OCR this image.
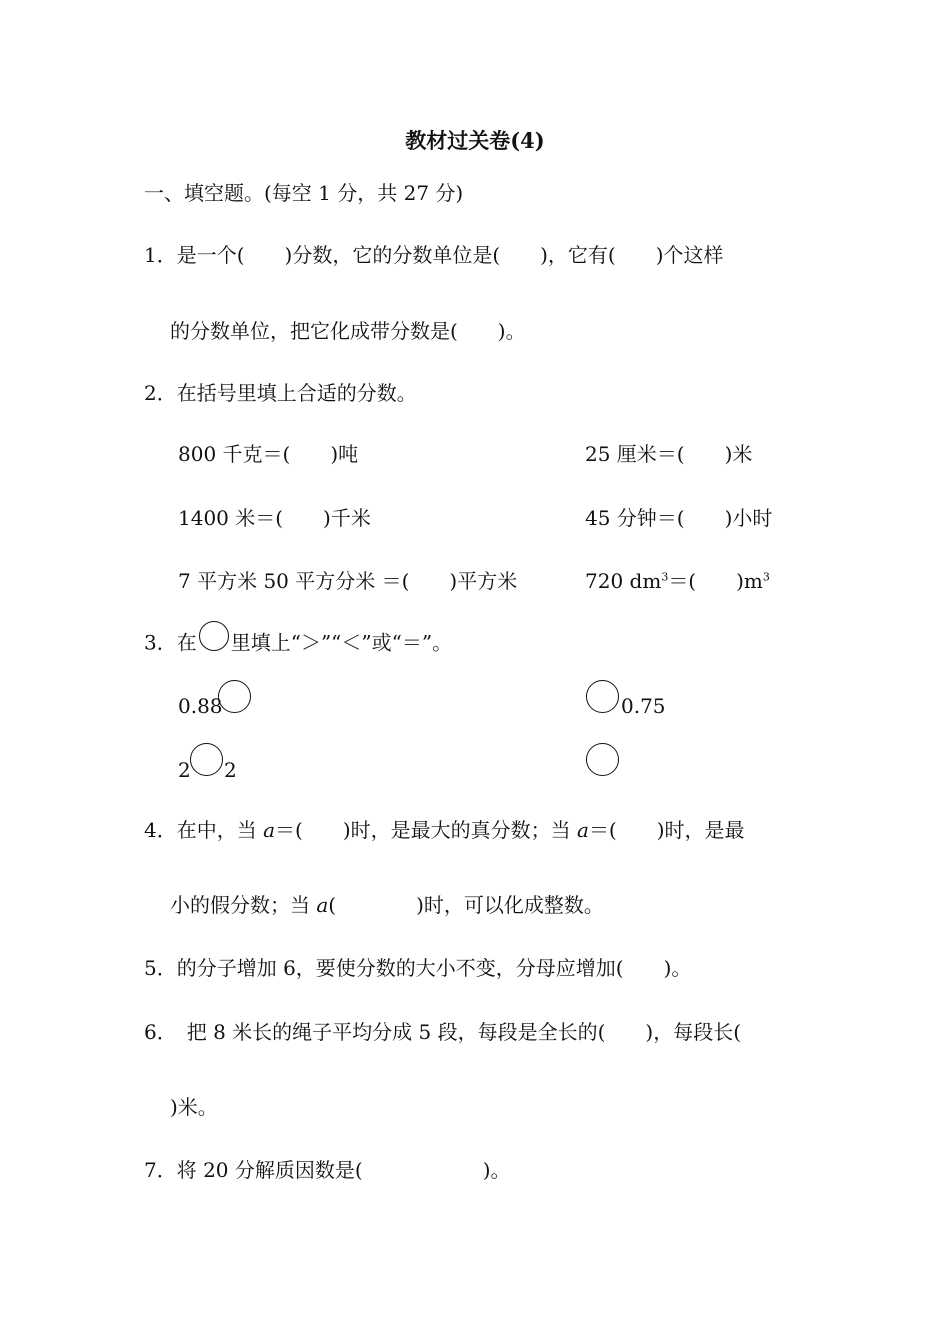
教材过关卷(4)
一、填空题。(每空 1 分，共 27 分)
1．是一个(　　)分数，它的分数单位是(　　)，它有(　　)个这样
的分数单位，把它化成带分数是(　　)。
2．在括号里填上合适的分数。
800 千克＝(　　)吨	25 厘米＝(　　)米
1400 米＝(　　)千米	45 分钟＝(　　)小时
7 平方米 50 平方分米 ＝(　　)平方米	720 $dm^3=$(　　)$m^3$
3．在 里填上“＞”“＜”或“＝”。
0.88	0.75
2 2
4．在中，当 a＝(　　)时，是最大的真分数；当 a＝(　　)时，是最
小的假分数；当 a(　　　　)时，可以化成整数。
5．的分子增加 6，要使分数的大小不变，分母应增加(　　)。
6．　把 8 米长的绳子平均分成 5 段，每段是全长的(　　)，每段长(
)米。
7．将 20 分解质因数是(　　　　　　)。
